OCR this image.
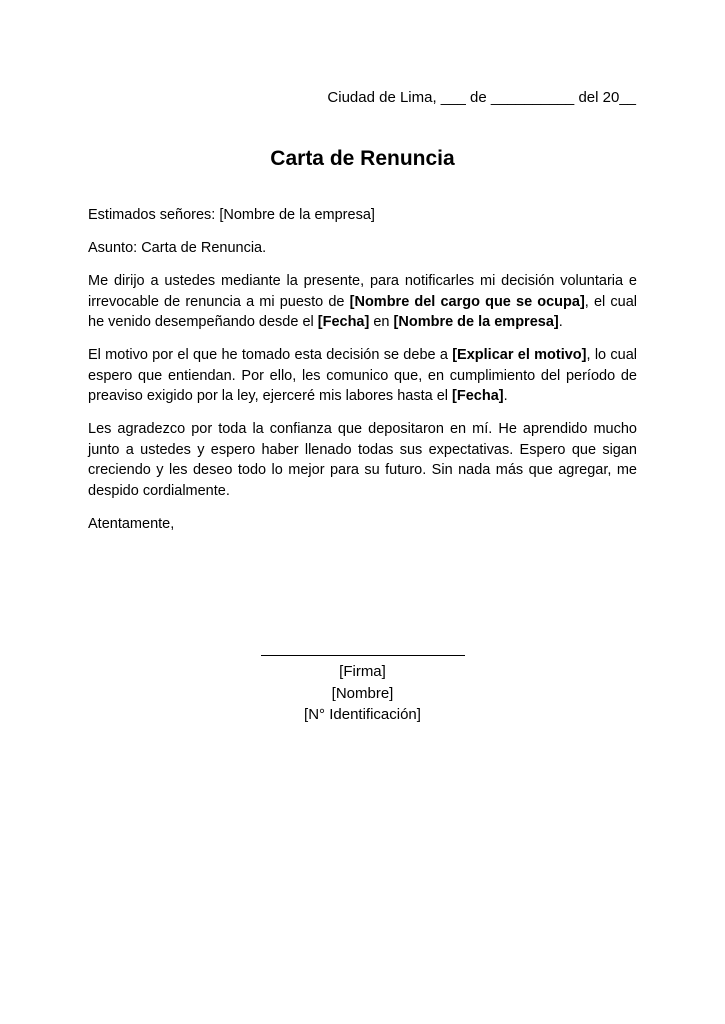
Ciudad de Lima, ___ de __________ del 20__
Carta de Renuncia

Estimados señores: [Nombre de la empresa]

Asunto: Carta de Renuncia.

Me dirijo a ustedes mediante la presente, para notificarles mi decisión voluntaria e irrevocable de renuncia a mi puesto de [Nombre del cargo que se ocupa], el cual he venido desempeñando desde el [Fecha] en [Nombre de la empresa].

El motivo por el que he tomado esta decisión se debe a [Explicar el motivo], lo cual espero que entiendan. Por ello, les comunico que, en cumplimiento del período de preaviso exigido por la ley, ejerceré mis labores hasta el [Fecha].

Les agradezco por toda la confianza que depositaron en mí. He aprendido mucho junto a ustedes y espero haber llenado todas sus expectativas. Espero que sigan creciendo y les deseo todo lo mejor para su futuro. Sin nada más que agregar, me despido cordialmente.

Atentamente,

[Firma]
[Nombre]
[N° Identificación]
